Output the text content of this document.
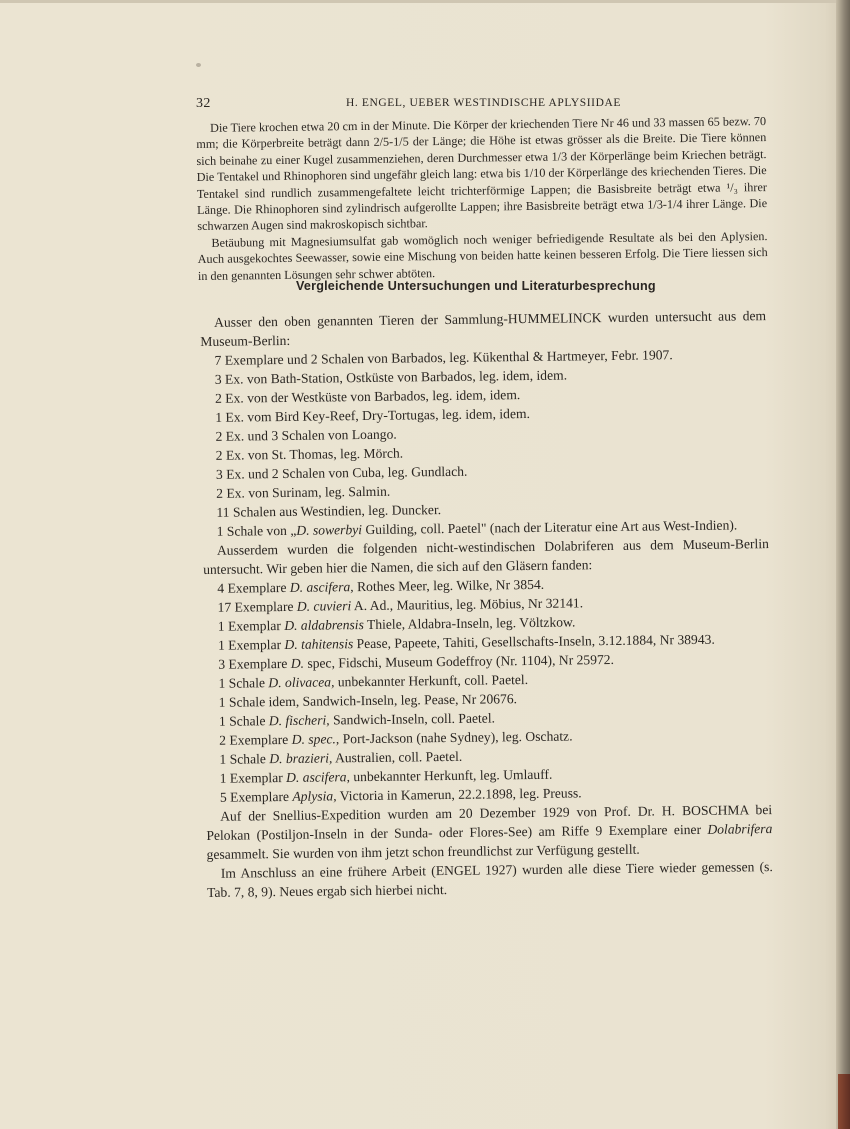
32	H. ENGEL, UEBER WESTINDISCHE APLYSIIDAE

Die Tiere krochen etwa 20 cm in der Minute. Die Körper der kriechenden Tiere Nr 46 und 33 massen 65 bezw. 70 mm; die Körperbreite beträgt dann 2/5-1/5 der Länge; die Höhe ist etwas grösser als die Breite. Die Tiere können sich beinahe zu einer Kugel zusammenziehen, deren Durchmesser etwa 1/3 der Körperlänge beim Kriechen beträgt. Die Tentakel und Rhinophoren sind ungefähr gleich lang: etwa bis 1/10 der Körperlänge des kriechenden Tieres. Die Tentakel sind rundlich zusammengefaltete leicht trichterförmige Lappen; die Basisbreite beträgt etwa ¹/₃ ihrer Länge. Die Rhinophoren sind zylindrisch aufgerollte Lappen; ihre Basisbreite beträgt etwa 1/3-1/4 ihrer Länge. Die schwarzen Augen sind makroskopisch sichtbar.

Betäubung mit Magnesiumsulfat gab womöglich noch weniger befriedigende Resultate als bei den Aplysien. Auch ausgekochtes Seewasser, sowie eine Mischung von beiden hatte keinen besseren Erfolg. Die Tiere liessen sich in den genannten Lösungen sehr schwer abtöten.

Vergleichende Untersuchungen und Literaturbesprechung

Ausser den oben genannten Tieren der Sammlung-HUMMELINCK wurden untersucht aus dem Museum-Berlin:

7 Exemplare und 2 Schalen von Barbados, leg. Kükenthal & Hartmeyer, Febr. 1907.
3 Ex. von Bath-Station, Ostküste von Barbados, leg. idem, idem.
2 Ex. von der Westküste von Barbados, leg. idem, idem.
1 Ex. vom Bird Key-Reef, Dry-Tortugas, leg. idem, idem.
2 Ex. und 3 Schalen von Loango.
2 Ex. von St. Thomas, leg. Mörch.
3 Ex. und 2 Schalen von Cuba, leg. Gundlach.
2 Ex. von Surinam, leg. Salmin.
11 Schalen aus Westindien, leg. Duncker.
1 Schale von „D. sowerbyi Guilding, coll. Paetel" (nach der Literatur eine Art aus West-Indien).

Ausserdem wurden die folgenden nicht-westindischen Dolabriferen aus dem Museum-Berlin untersucht. Wir geben hier die Namen, die sich auf den Gläsern fanden:

4 Exemplare D. ascifera, Rothes Meer, leg. Wilke, Nr 3854.
17 Exemplare D. cuvieri A. Ad., Mauritius, leg. Möbius, Nr 32141.
1 Exemplar D. aldabrensis Thiele, Aldabra-Inseln, leg. Völtzkow.
1 Exemplar D. tahitensis Pease, Papeete, Tahiti, Gesellschafts-Inseln, 3.12.1884, Nr 38943.
3 Exemplare D. spec, Fidschi, Museum Godeffroy (Nr. 1104), Nr 25972.
1 Schale D. olivacea, unbekannter Herkunft, coll. Paetel.
1 Schale idem, Sandwich-Inseln, leg. Pease, Nr 20676.
1 Schale D. fischeri, Sandwich-Inseln, coll. Paetel.
2 Exemplare D. spec., Port-Jackson (nahe Sydney), leg. Oschatz.
1 Schale D. brazieri, Australien, coll. Paetel.
1 Exemplar D. ascifera, unbekannter Herkunft, leg. Umlauff.
5 Exemplare Aplysia, Victoria in Kamerun, 22.2.1898, leg. Preuss.

Auf der Snellius-Expedition wurden am 20 Dezember 1929 von Prof. Dr. H. BOSCHMA bei Pelokan (Postiljon-Inseln in der Sunda- oder Flores-See) am Riffe 9 Exemplare einer Dolabrifera gesammelt. Sie wurden von ihm jetzt schon freundlichst zur Verfügung gestellt.

Im Anschluss an eine frühere Arbeit (ENGEL 1927) wurden alle diese Tiere wieder gemessen (s. Tab. 7, 8, 9). Neues ergab sich hierbei nicht.
